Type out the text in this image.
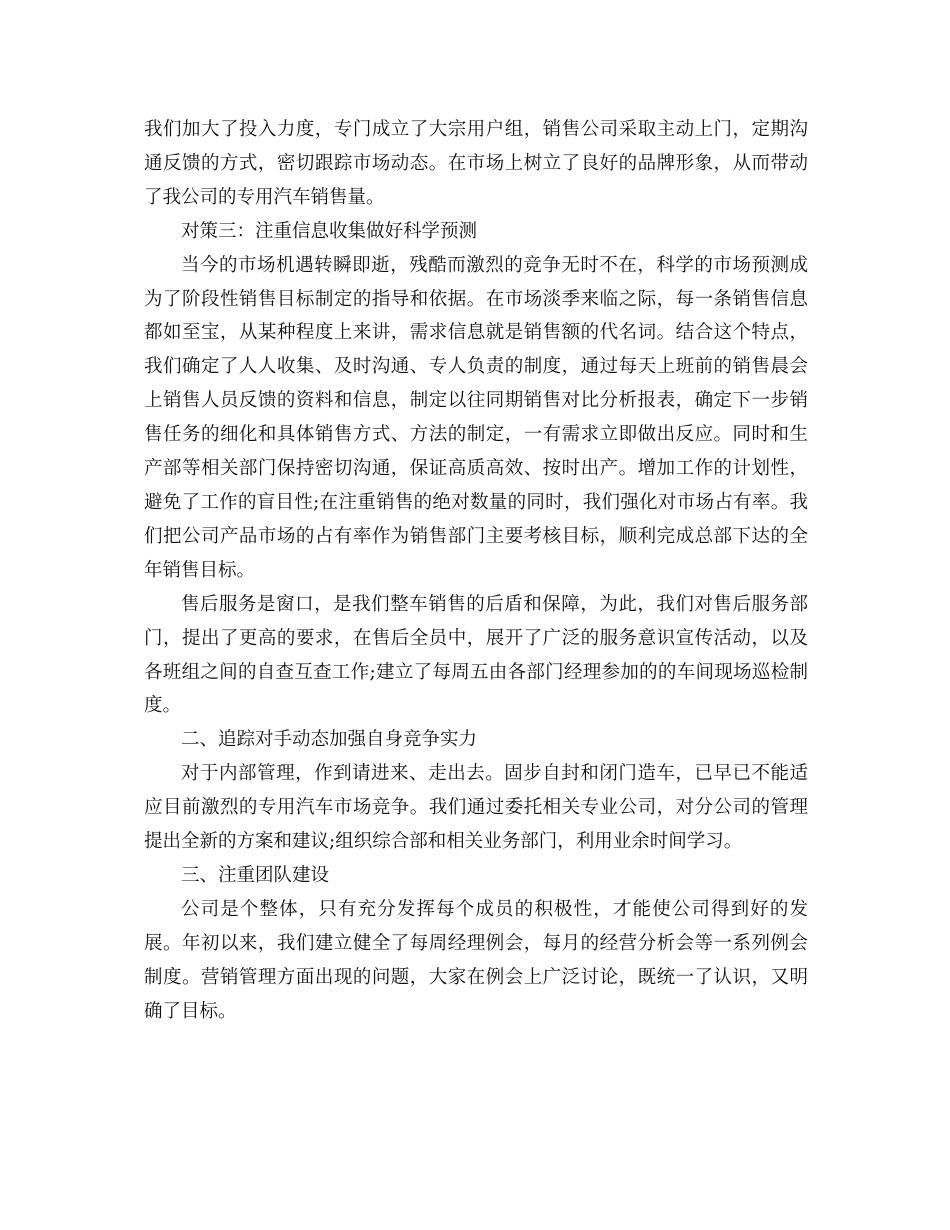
我们加大了投入力度，专门成立了大宗用户组，销售公司采取主动上门，定期沟通反馈的方式，密切跟踪市场动态。在市场上树立了良好的品牌形象，从而带动了我公司的专用汽车销售量。

对策三：注重信息收集做好科学预测

当今的市场机遇转瞬即逝，残酷而激烈的竞争无时不在，科学的市场预测成为了阶段性销售目标制定的指导和依据。在市场淡季来临之际，每一条销售信息都如至宝，从某种程度上来讲，需求信息就是销售额的代名词。结合这个特点，我们确定了人人收集、及时沟通、专人负责的制度，通过每天上班前的销售晨会上销售人员反馈的资料和信息，制定以往同期销售对比分析报表，确定下一步销售任务的细化和具体销售方式、方法的制定，一有需求立即做出反应。同时和生产部等相关部门保持密切沟通，保证高质高效、按时出产。增加工作的计划性，避免了工作的盲目性;在注重销售的绝对数量的同时，我们强化对市场占有率。我们把公司产品市场的占有率作为销售部门主要考核目标，顺利完成总部下达的全年销售目标。

售后服务是窗口，是我们整车销售的后盾和保障，为此，我们对售后服务部门，提出了更高的要求，在售后全员中，展开了广泛的服务意识宣传活动，以及各班组之间的自查互查工作;建立了每周五由各部门经理参加的的车间现场巡检制度。

二、追踪对手动态加强自身竞争实力

对于内部管理，作到请进来、走出去。固步自封和闭门造车，已早已不能适应目前激烈的专用汽车市场竞争。我们通过委托相关专业公司，对分公司的管理提出全新的方案和建议;组织综合部和相关业务部门，利用业余时间学习。

三、注重团队建设

公司是个整体，只有充分发挥每个成员的积极性，才能使公司得到好的发展。年初以来，我们建立健全了每周经理例会，每月的经营分析会等一系列例会制度。营销管理方面出现的问题，大家在例会上广泛讨论，既统一了认识，又明确了目标。
